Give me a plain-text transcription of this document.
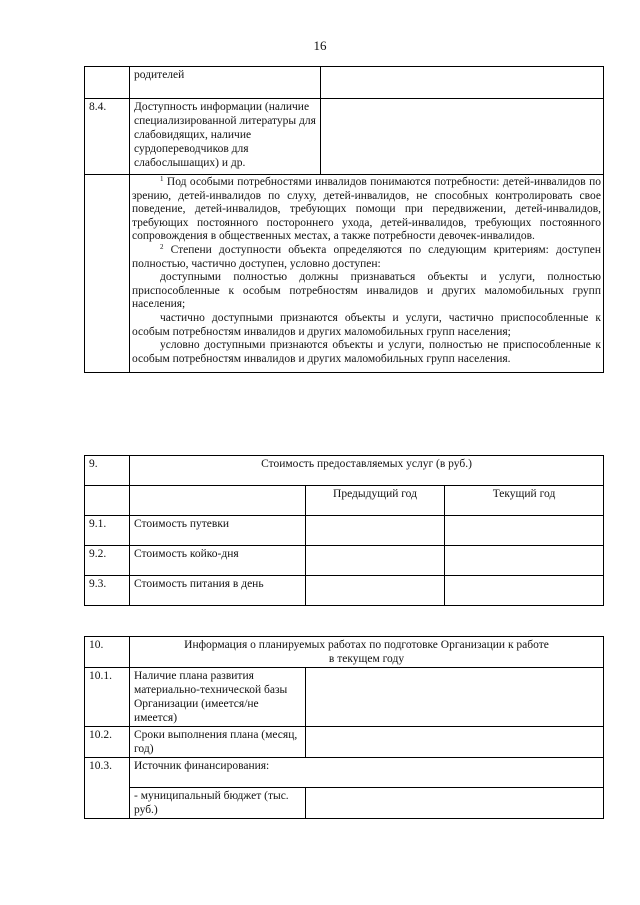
16
	родителей	
8.4.	Доступность информации (наличие специализированной литературы для слабовидящих, наличие сурдопереводчиков для слабослышащих) и др.	

	$^1$ Под особыми потребностями инвалидов понимаются потребности: детей-инвалидов по зрению, детей-инвалидов по слуху, детей-инвалидов, не способных контролировать свое поведение, детей-инвалидов, требующих помощи при передвижении, детей-инвалидов, требующих постоянного постороннего ухода, детей-инвалидов, требующих постоянного сопровождения в общественных местах, а также потребности девочек-инвалидов.

$^2$ Степени доступности объекта определяются по следующим критериям: доступен полностью, частично доступен, условно доступен:

доступными полностью должны признаваться объекты и услуги, полностью приспособленные к особым потребностям инвалидов и других маломобильных групп населения;

частично доступными признаются объекты и услуги, частично приспособленные к особым потребностям инвалидов и других маломобильных групп населения;

условно доступными признаются объекты и услуги, полностью не приспособленные к особым потребностям инвалидов и других маломобильных групп населения.	

9.	Стоимость предоставляемых услуг (в руб.)		
		Предыдущий год	Текущий год
9.1.	Стоимость путевки		
9.2.	Стоимость койко-дня		
9.3.	Стоимость питания в день		
10.	Информация о планируемых работах по подготовке Организации к работе
в текущем году	

10.1.	Наличие плана развития материально-технической базы Организации (имеется/не имеется)	
10.2.	Сроки выполнения плана (месяц, год)	
10.3.	Источник финансирования:	
	- муниципальный бюджет (тыс. руб.)	
